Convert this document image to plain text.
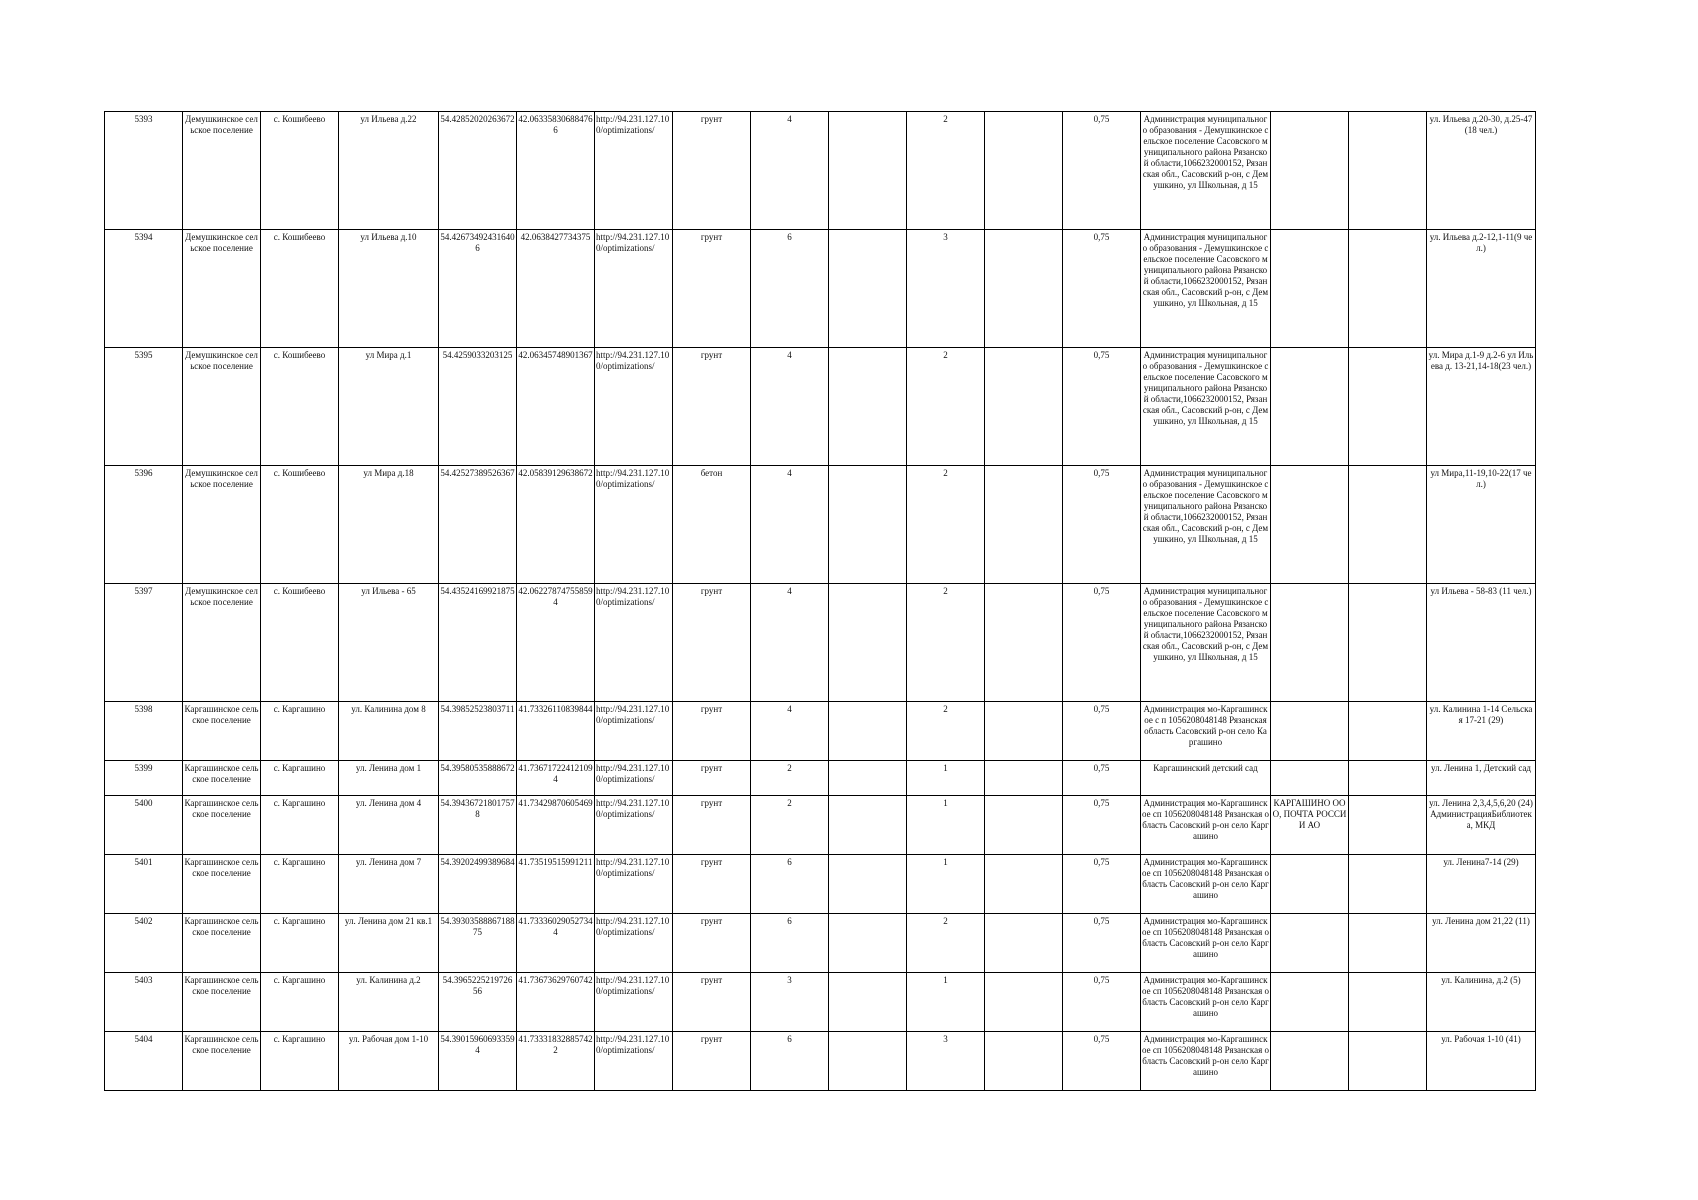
5393	Демушкинское сельское поселение	с. Кошибеево	ул Ильева д.22	54.42852020263672	42.063358306884766	http://94.231.127.100/optimizations/	грунт	4		2		0,75	Администрация муниципального образования - Демушкинское сельское поселение Сасовского муниципального района Рязанской области,1066232000152, Рязанская обл., Сасовский р-он, с Демушкино, ул Школьная, д 15			ул. Ильева д.20-30, д.25-47 (18 чел.)
5394	Демушкинское сельское поселение	с. Кошибеево	ул Ильева д.10	54.426734924316406	42.0638427734375	http://94.231.127.100/optimizations/	грунт	6		3		0,75	Администрация муниципального образования - Демушкинское сельское поселение Сасовского муниципального района Рязанской области,1066232000152, Рязанская обл., Сасовский р-он, с Демушкино, ул Школьная, д 15			ул. Ильева д.2-12,1-11(9 чел.)
5395	Демушкинское сельское поселение	с. Кошибеево	ул Мира д.1	54.4259033203125	42.06345748901367	http://94.231.127.100/optimizations/	грунт	4		2		0,75	Администрация муниципального образования - Демушкинское сельское поселение Сасовского муниципального района Рязанской области,1066232000152, Рязанская обл., Сасовский р-он, с Демушкино, ул Школьная, д 15			ул. Мира д.1-9 д.2-6 ул Ильева д. 13-21,14-18(23 чел.)
5396	Демушкинское сельское поселение	с. Кошибеево	ул Мира д.18	54.42527389526367	42.05839129638672	http://94.231.127.100/optimizations/	бетон	4		2		0,75	Администрация муниципального образования - Демушкинское сельское поселение Сасовского муниципального района Рязанской области,1066232000152, Рязанская обл., Сасовский р-он, с Демушкино, ул Школьная, д 15			ул Мира,11-19,10-22(17 чел.)
5397	Демушкинское сельское поселение	с. Кошибеево	ул Ильева - 65	54.43524169921875	42.062278747558594	http://94.231.127.100/optimizations/	грунт	4		2		0,75	Администрация муниципального образования - Демушкинское сельское поселение Сасовского муниципального района Рязанской области,1066232000152, Рязанская обл., Сасовский р-он, с Демушкино, ул Школьная, д 15			ул Ильева - 58-83 (11 чел.)
5398	Каргашинское сельское поселение	с. Каргашино	ул. Калинина дом 8	54.39852523803711	41.73326110839844	http://94.231.127.100/optimizations/	грунт	4		2		0,75	Администрация мо-Каргашинское с п 1056208048148 Рязанская область Сасовский р-он село Каргашино			ул. Калинина 1-14 Сельская 17-21 (29)
5399	Каргашинское сельское поселение	с. Каргашино	ул. Ленина дом 1	54.39580535888672	41.736717224121094	http://94.231.127.100/optimizations/	грунт	2		1		0,75	Каргашинский детский сад			ул. Ленина 1, Детский сад
5400	Каргашинское сельское поселение	с. Каргашино	ул. Ленина дом 4	54.394367218017578	41.73429870605469	http://94.231.127.100/optimizations/	грунт	2		1		0,75	Администрация мо-Каргашинское сп 1056208048148 Рязанская область Сасовский р-он село Каргашино	КАРГАШИНО ООО, ПОЧТА РОССИИ АО		ул. Ленина 2,3,4,5,6,20 (24) АдминистрацияБиблиотека, МКД
5401	Каргашинское сельское поселение	с. Каргашино	ул. Ленина дом 7	54.39202499389684	41.73519515991211	http://94.231.127.100/optimizations/	грунт	6		1		0,75	Администрация мо-Каргашинское сп 1056208048148 Рязанская область Сасовский р-он село Каргашино			ул. Ленина7-14 (29)
5402	Каргашинское сельское поселение	с. Каргашино	ул. Ленина дом 21 кв.1	54.39303588867188 75	41.733360290527344	http://94.231.127.100/optimizations/	грунт	6		2		0,75	Администрация мо-Каргашинское сп 1056208048148 Рязанская область Сасовский р-он село Каргашино			ул. Ленина дом 21,22 (11)
5403	Каргашинское сельское поселение	с. Каргашино	ул. Калинина д.2	54.3965225219726 56	41.73673629760742	http://94.231.127.100/optimizations/	грунт	3		1		0,75	Администрация мо-Каргашинское сп 1056208048148 Рязанская область Сасовский р-он село Каргашино			ул. Калинина, д.2 (5)
5404	Каргашинское сельское поселение	с. Каргашино	ул. Рабочая дом 1-10	54.39015960693359 4	41.733318328857422	http://94.231.127.100/optimizations/	грунт	6		3		0,75	Администрация мо-Каргашинское сп 1056208048148 Рязанская область Сасовский р-он село Каргашино			ул. Рабочая 1-10 (41)
